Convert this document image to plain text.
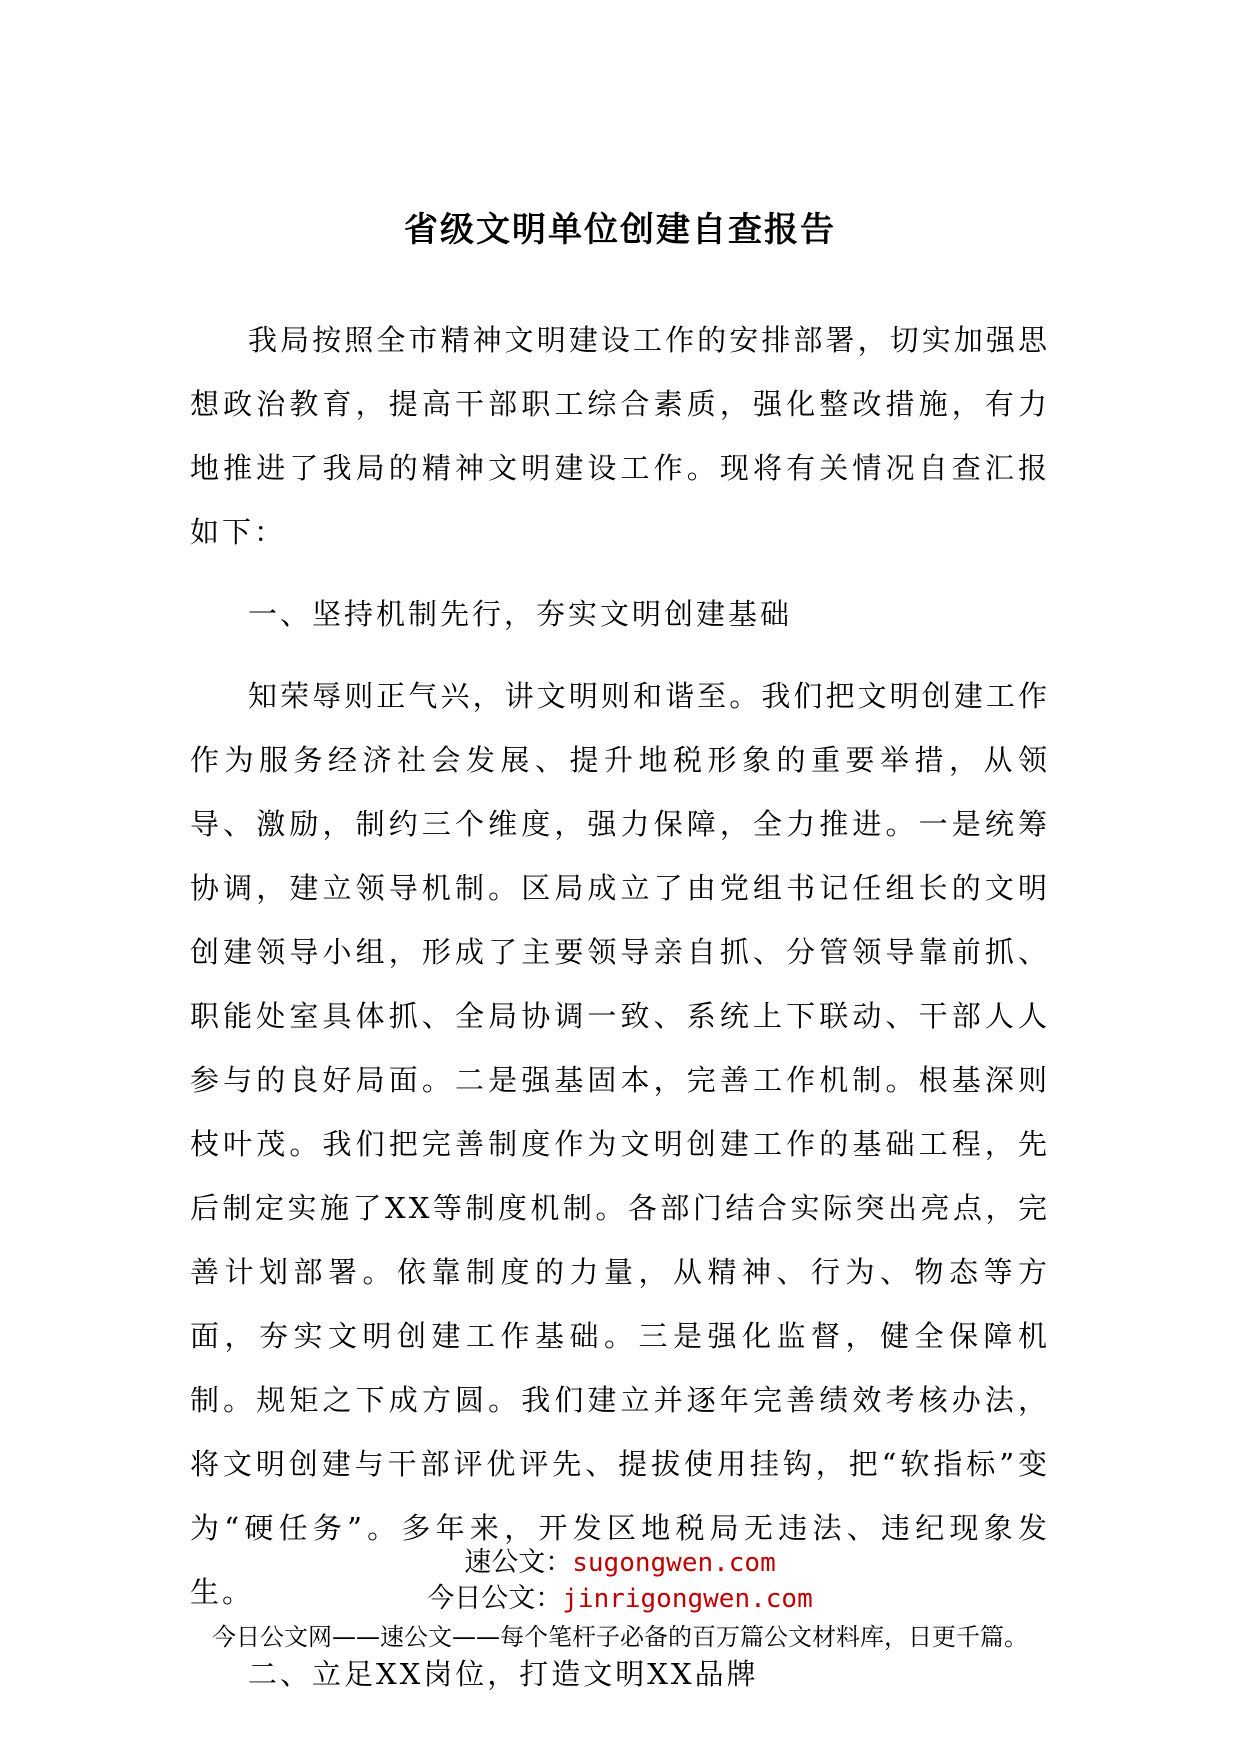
省级文明单位创建自查报告

我局按照全市精神文明建设工作的安排部署，切实加强思想政治教育，提高干部职工综合素质，强化整改措施，有力地推进了我局的精神文明建设工作。现将有关情况自查汇报如下：

一、坚持机制先行，夯实文明创建基础

知荣辱则正气兴，讲文明则和谐至。我们把文明创建工作作为服务经济社会发展、提升地税形象的重要举措，从领导、激励，制约三个维度，强力保障，全力推进。一是统筹协调，建立领导机制。区局成立了由党组书记任组长的文明创建领导小组，形成了主要领导亲自抓、分管领导靠前抓、职能处室具体抓、全局协调一致、系统上下联动、干部人人参与的良好局面。二是强基固本，完善工作机制。根基深则枝叶茂。我们把完善制度作为文明创建工作的基础工程，先后制定实施了XX等制度机制。各部门结合实际突出亮点，完善计划部署。依靠制度的力量，从精神、行为、物态等方面，夯实文明创建工作基础。三是强化监督，健全保障机制。规矩之下成方圆。我们建立并逐年完善绩效考核办法，将文明创建与干部评优评先、提拔使用挂钩，把“软指标”变为“硬任务”。多年来，开发区地税局无违法、违纪现象发生。

二、立足XX岗位，打造文明XX品牌

速公文：sugongwen.com
今日公文：jinrigongwen.com
今日公文网——速公文——每个笔杆子必备的百万篇公文材料库，日更千篇。
